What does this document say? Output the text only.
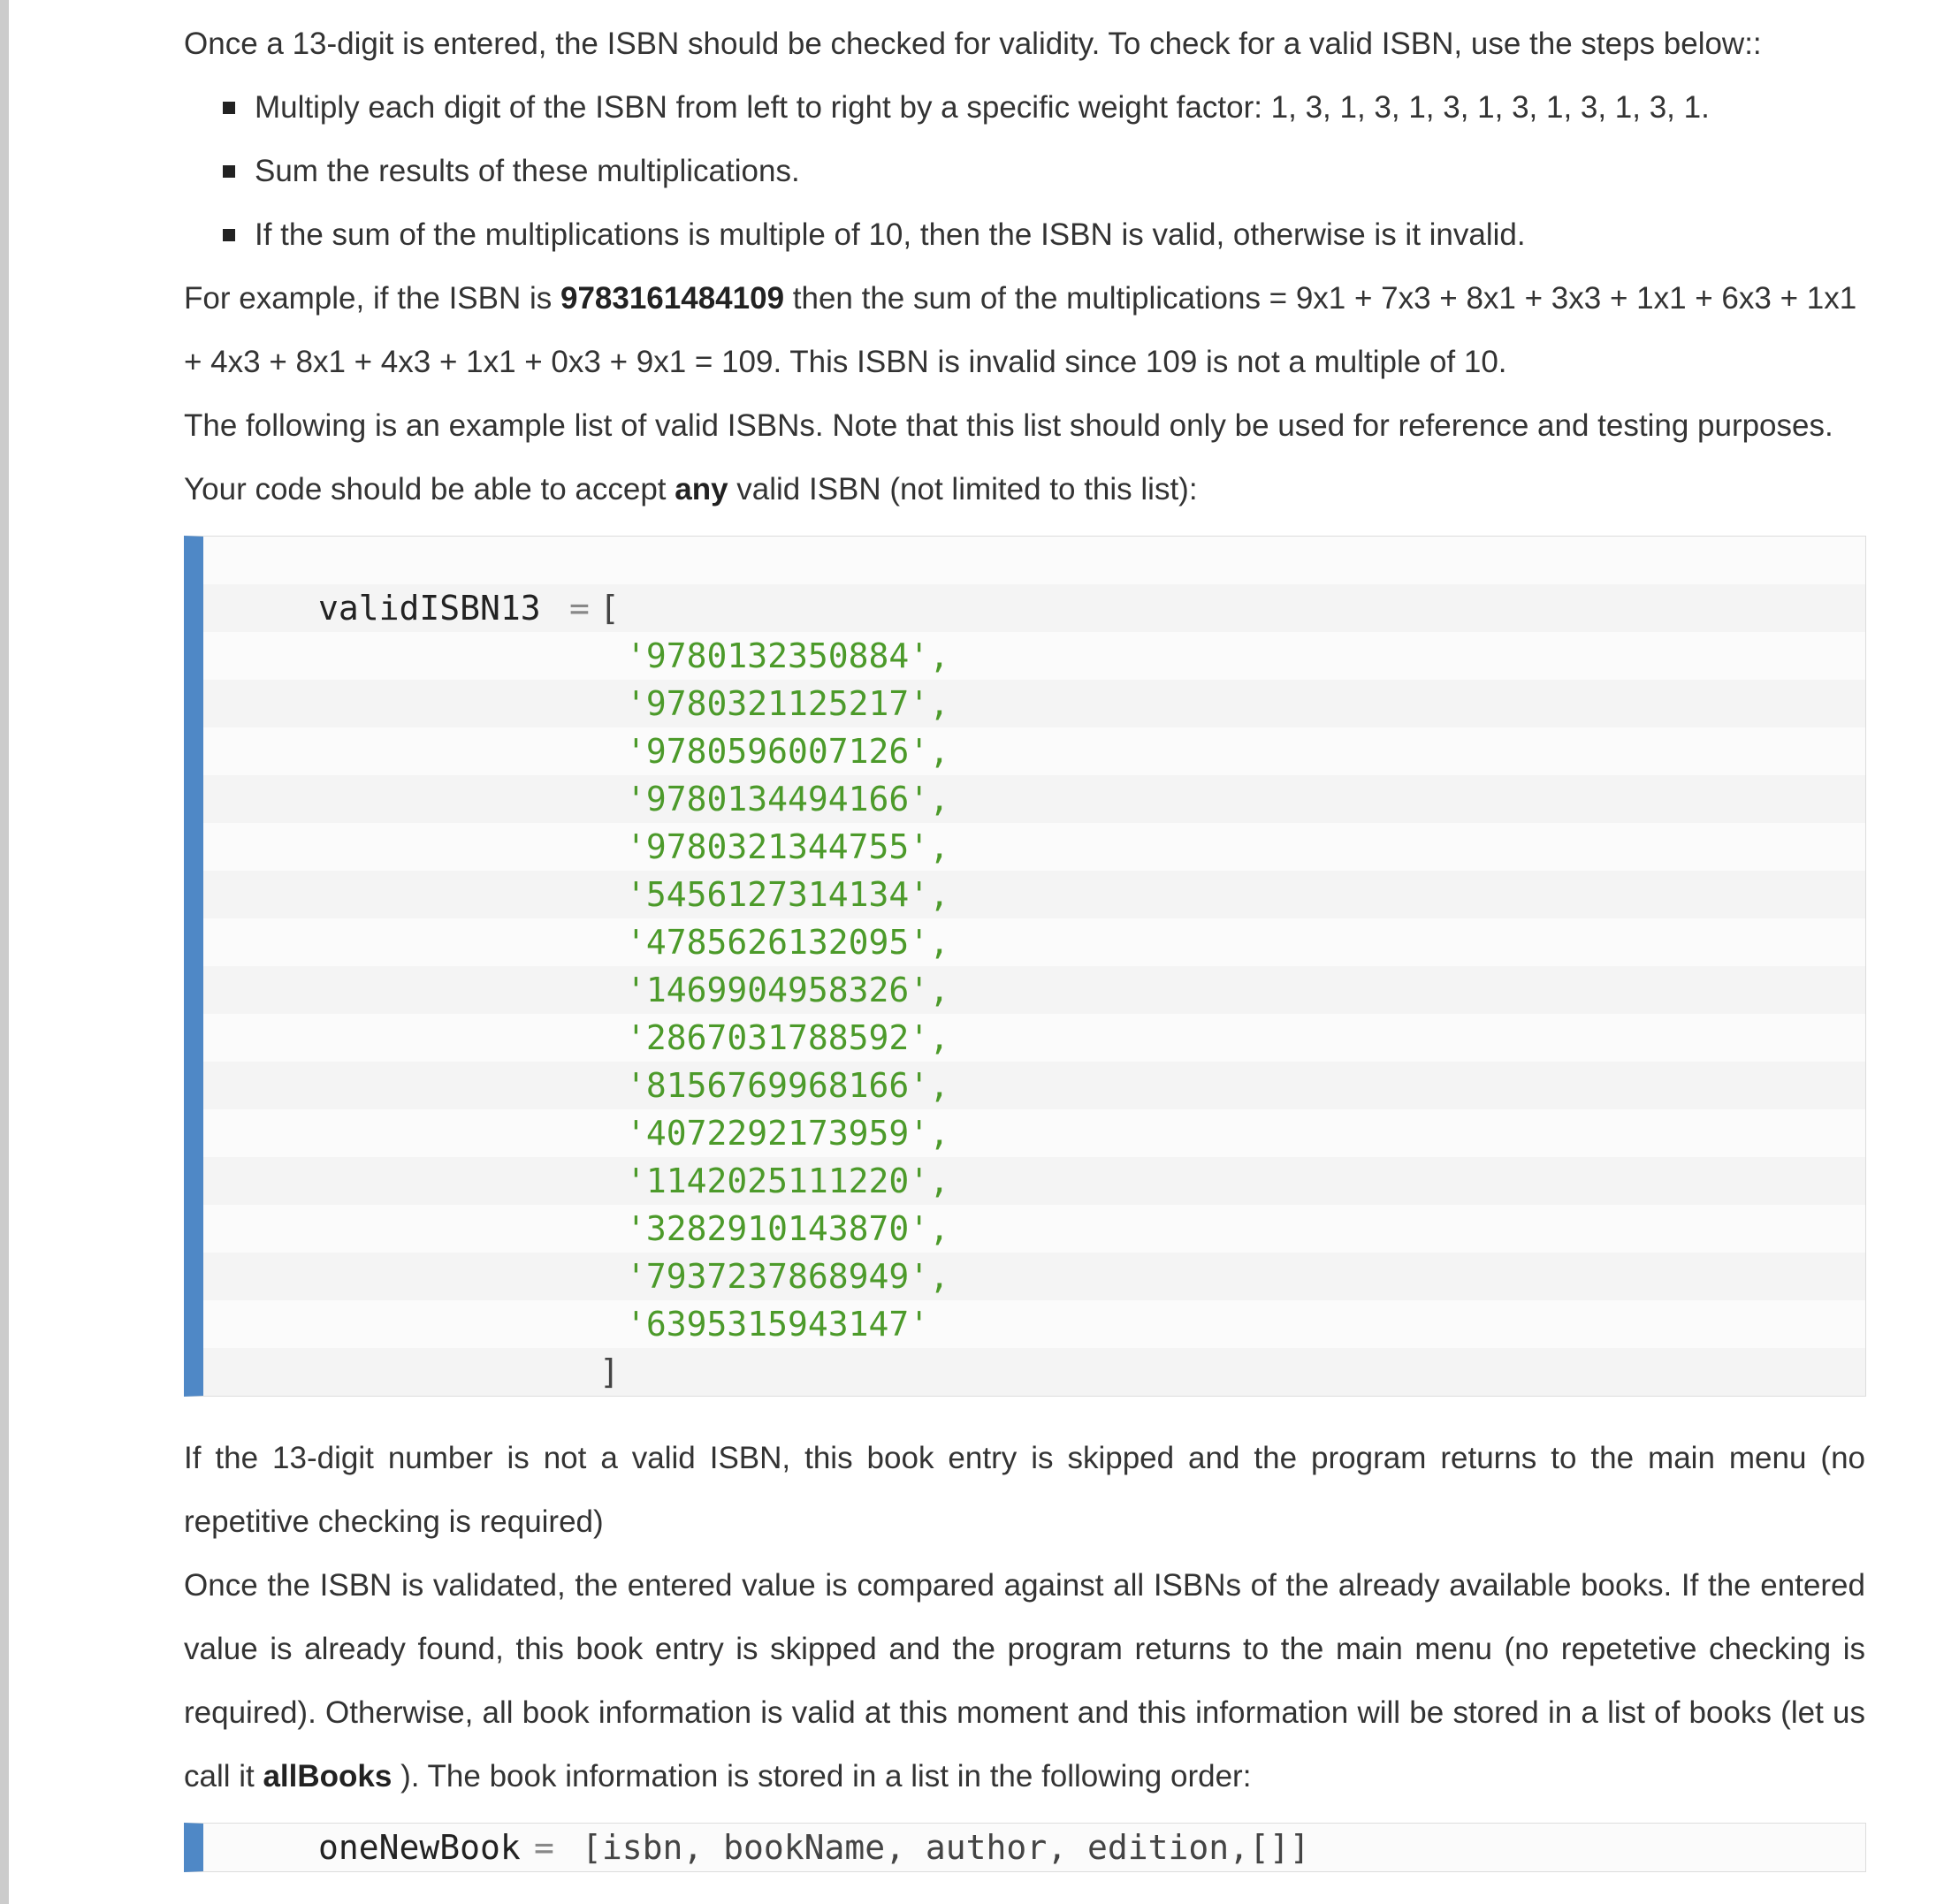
Once a 13-digit is entered, the ISBN should be checked for validity. To check for a valid ISBN, use the steps below::

Multiply each digit of the ISBN from left to right by a specific weight factor: 1, 3, 1, 3, 1, 3, 1, 3, 1, 3, 1, 3, 1.
Sum the results of these multiplications.
If the sum of the multiplications is multiple of 10, then the ISBN is valid, otherwise is it invalid.

For example, if the ISBN is 9783161484109 then the sum of the multiplications = 9x1 + 7x3 + 8x1 + 3x3 + 1x1 + 6x3 + 1x1 + 4x3 + 8x1 + 4x3 + 1x1 + 0x3 + 9x1 = 109. This ISBN is invalid since 109 is not a multiple of 10.

The following is an example list of valid ISBNs. Note that this list should only be used for reference and testing purposes. Your code should be able to accept any valid ISBN (not limited to this list):

validISBN13 = [
'9780132350884',
'9780321125217',
'9780596007126',
'9780134494166',
'9780321344755',
'5456127314134',
'4785626132095',
'1469904958326',
'2867031788592',
'8156769968166',
'4072292173959',
'1142025111220',
'3282910143870',
'7937237868949',
'6395315943147'
]

If the 13-digit number is not a valid ISBN, this book entry is skipped and the program returns to the main menu (no repetitive checking is required)

Once the ISBN is validated, the entered value is compared against all ISBNs of the already available books. If the entered value is already found, this book entry is skipped and the program returns to the main menu (no repetetive checking is required). Otherwise, all book information is valid at this moment and this information will be stored in a list of books (let us call it allBooks ). The book information is stored in a list in the following order:

oneNewBook = [isbn, bookName, author, edition,[]]
